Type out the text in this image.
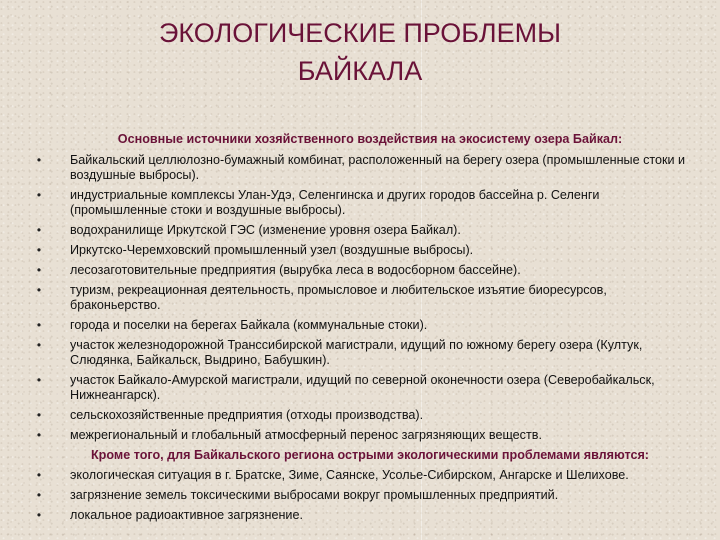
ЭКОЛОГИЧЕСКИЕ ПРОБЛЕМЫ
БАЙКАЛА

Основные источники хозяйственного воздействия на экосистему озера Байкал:

• Байкальский целлюлозно-бумажный комбинат, расположенный на берегу озера (промышленные стоки и воздушные выбросы).
• индустриальные комплексы Улан-Удэ, Селенгинска и других городов бассейна р. Селенги (промышленные стоки и воздушные выбросы).
• водохранилище Иркутской ГЭС (изменение уровня озера Байкал).
• Иркутско-Черемховский промышленный узел (воздушные выбросы).
• лесозаготовительные предприятия (вырубка леса в водосборном бассейне).
• туризм, рекреационная деятельность, промысловое и любительское изъятие биоресурсов, браконьерство.
• города и поселки на берегах Байкала (коммунальные стоки).
• участок железнодорожной Транссибирской магистрали, идущий по южному берегу озера (Култук, Слюдянка, Байкальск, Выдрино, Бабушкин).
• участок Байкало-Амурской магистрали, идущий по северной оконечности озера (Северобайкальск, Нижнеангарск).
• сельскохозяйственные предприятия (отходы производства).
• межрегиональный и глобальный атмосферный перенос загрязняющих веществ.

Кроме того, для Байкальского региона острыми экологическими проблемами являются:

• экологическая ситуация в г. Братске, Зиме, Саянске, Усолье-Сибирском, Ангарске и Шелихове.
• загрязнение земель токсическими выбросами вокруг промышленных предприятий.
• локальное радиоактивное загрязнение.
